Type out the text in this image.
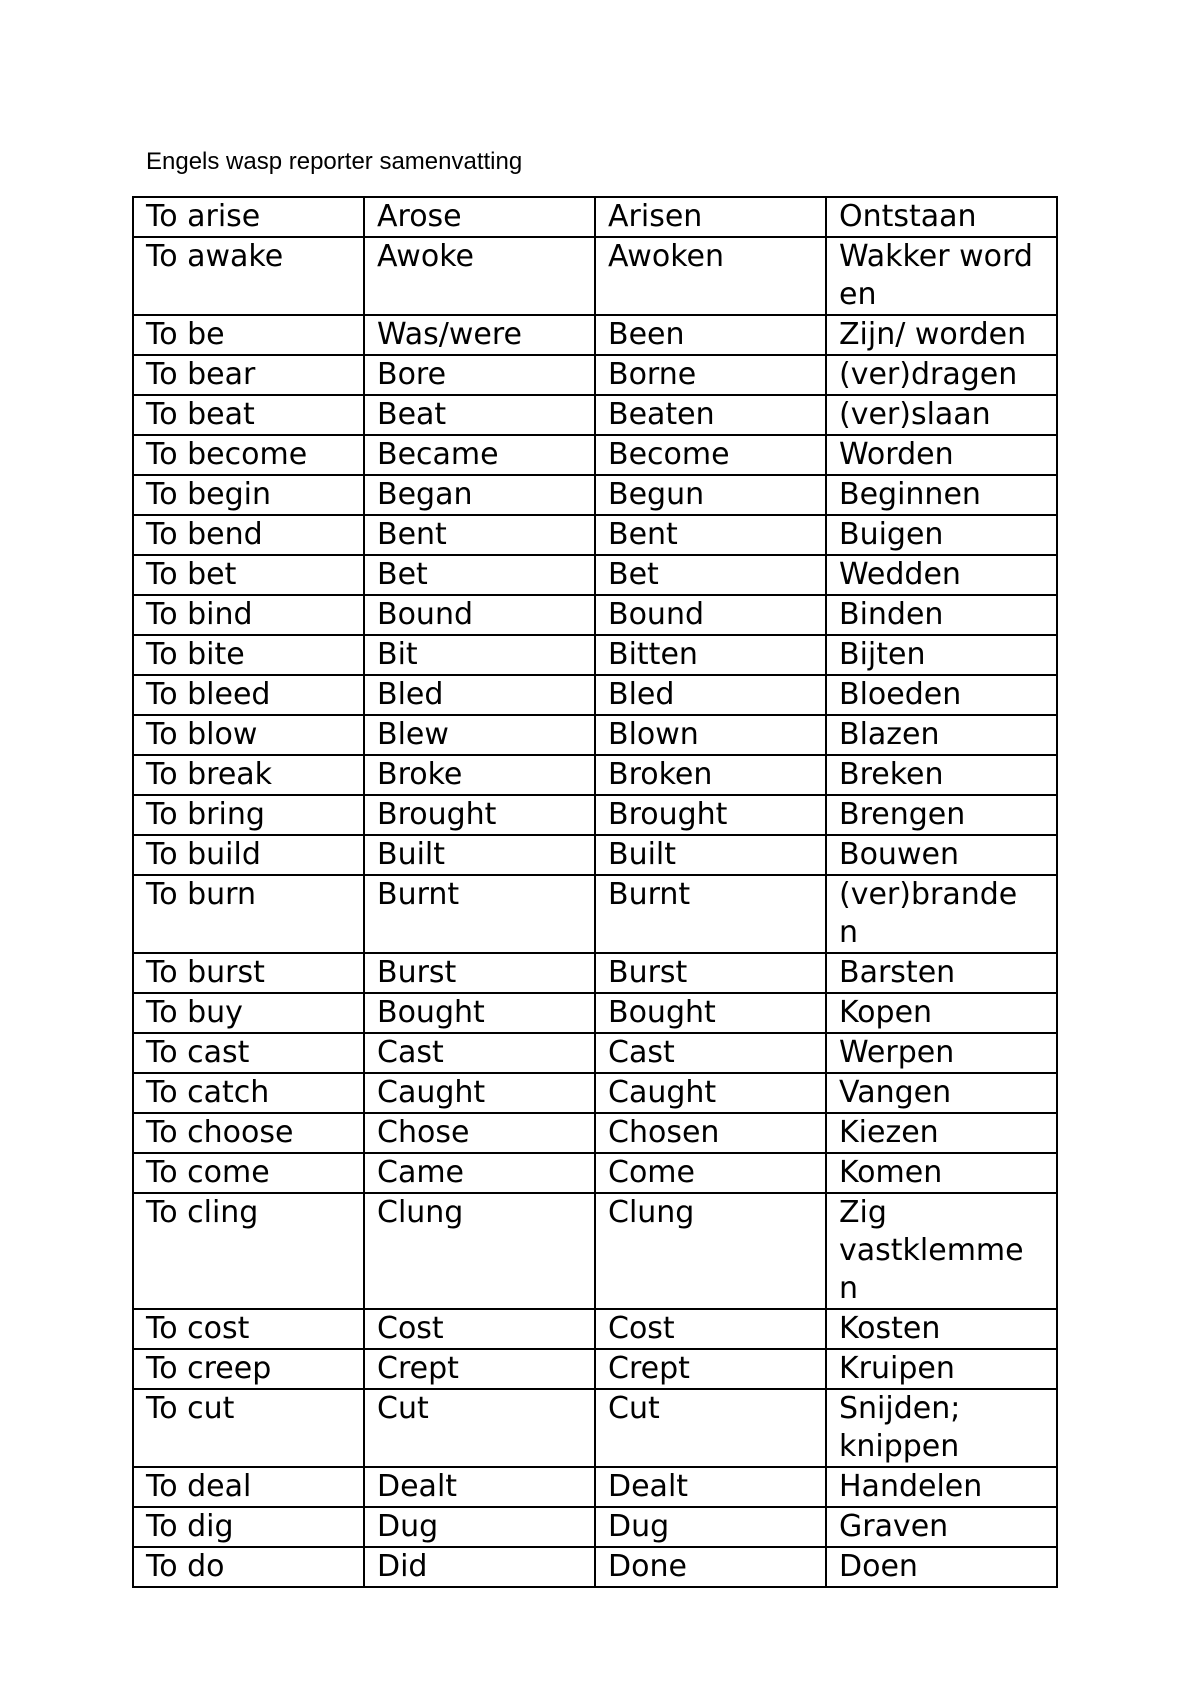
Engels wasp reporter samenvatting
To arise	Arose	Arisen	Ontstaan
To awake	Awoke	Awoken	Wakker worden
To be	Was/were	Been	Zijn/ worden
To bear	Bore	Borne	(ver)dragen
To beat	Beat	Beaten	(ver)slaan
To become	Became	Become	Worden
To begin	Began	Begun	Beginnen
To bend	Bent	Bent	Buigen
To bet	Bet	Bet	Wedden
To bind	Bound	Bound	Binden
To bite	Bit	Bitten	Bijten
To bleed	Bled	Bled	Bloeden
To blow	Blew	Blown	Blazen
To break	Broke	Broken	Breken
To bring	Brought	Brought	Brengen
To build	Built	Built	Bouwen
To burn	Burnt	Burnt	(ver)brande
n
To burst	Burst	Burst	Barsten
To buy	Bought	Bought	Kopen
To cast	Cast	Cast	Werpen
To catch	Caught	Caught	Vangen
To choose	Chose	Chosen	Kiezen
To come	Came	Come	Komen
To cling	Clung	Clung	Zig
vastklemme
n
To cost	Cost	Cost	Kosten
To creep	Crept	Crept	Kruipen
To cut	Cut	Cut	Snijden;
knippen
To deal	Dealt	Dealt	Handelen
To dig	Dug	Dug	Graven
To do	Did	Done	Doen
